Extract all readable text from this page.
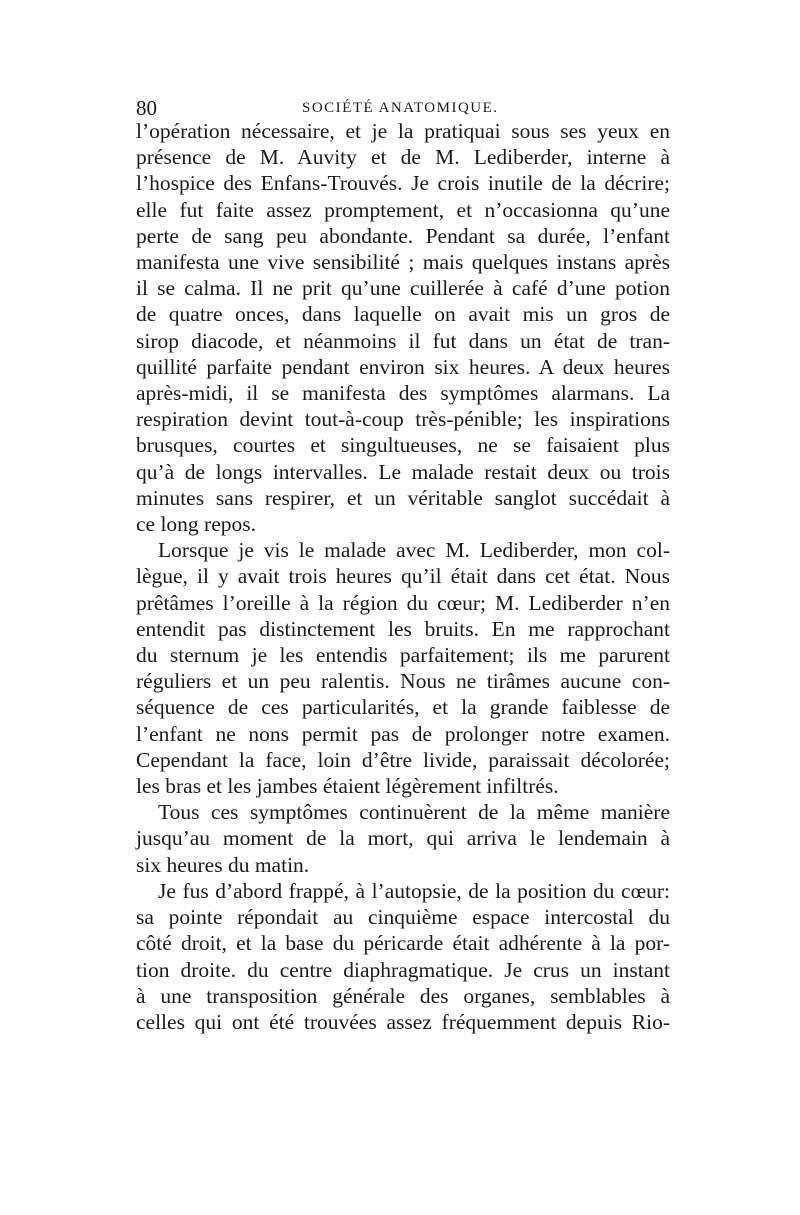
80	SOCIÉTÉ ANATOMIQUE.
l’opération nécessaire, et je la pratiquai sous ses yeux en
présence de M. Auvity et de M. Lediberder, interne à
l’hospice des Enfans-Trouvés. Je crois inutile de la décrire;
elle fut faite assez promptement, et n’occasionna qu’une
perte de sang peu abondante. Pendant sa durée, l’enfant
manifesta une vive sensibilité ; mais quelques instans après
il se calma. Il ne prit qu’une cuillerée à café d’une potion
de quatre onces, dans laquelle on avait mis un gros de
sirop diacode, et néanmoins il fut dans un état de tran-
quillité parfaite pendant environ six heures. A deux heures
après-midi, il se manifesta des symptômes alarmans. La
respiration devint tout-à-coup très-pénible; les inspirations
brusques, courtes et singultueuses, ne se faisaient plus
qu’à de longs intervalles. Le malade restait deux ou trois
minutes sans respirer, et un véritable sanglot succédait à
ce long repos.
Lorsque je vis le malade avec M. Lediberder, mon col-
lègue, il y avait trois heures qu’il était dans cet état. Nous
prêtâmes l’oreille à la région du cœur; M. Lediberder n’en
entendit pas distinctement les bruits. En me rapprochant
du sternum je les entendis parfaitement; ils me parurent
réguliers et un peu ralentis. Nous ne tirâmes aucune con-
séquence de ces particularités, et la grande faiblesse de
l’enfant ne nons permit pas de prolonger notre examen.
Cependant la face, loin d’être livide, paraissait décolorée;
les bras et les jambes étaient légèrement infiltrés.
Tous ces symptômes continuèrent de la même manière
jusqu’au moment de la mort, qui arriva le lendemain à
six heures du matin.
Je fus d’abord frappé, à l’autopsie, de la position du cœur:
sa pointe répondait au cinquième espace intercostal du
côté droit, et la base du péricarde était adhérente à la por-
tion droite. du centre diaphragmatique. Je crus un instant
à une transposition générale des organes, semblables à
celles qui ont été trouvées assez fréquemment depuis Rio-
